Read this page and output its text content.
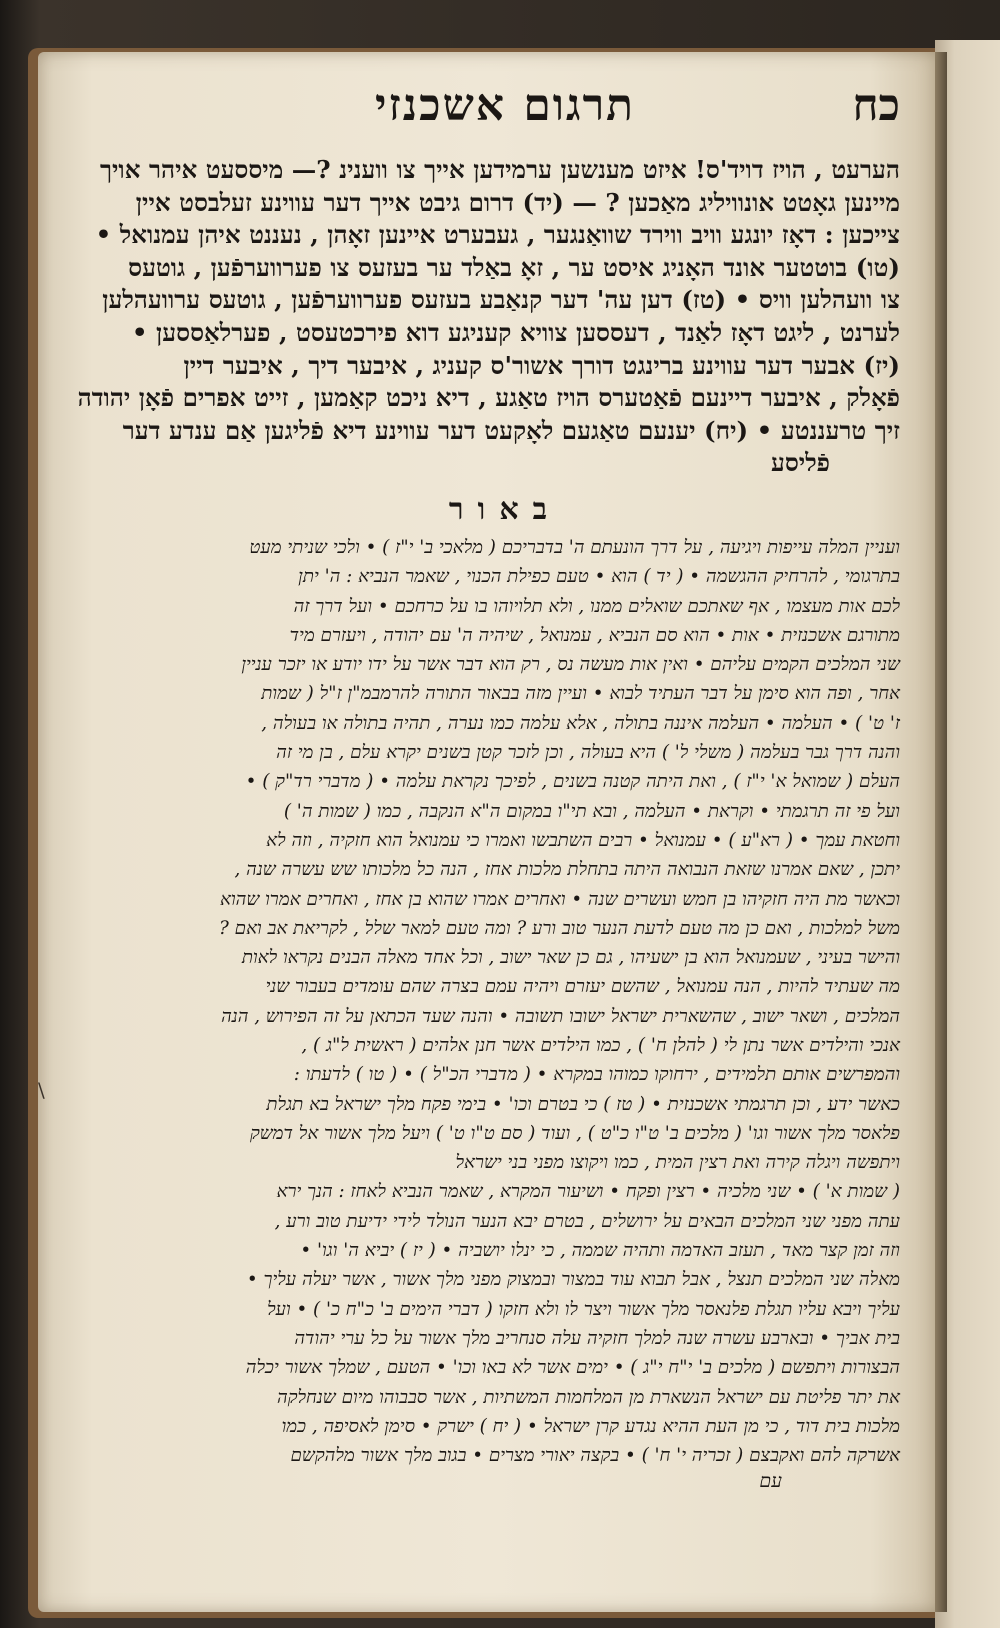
\
כח
תרגום אשכנזי

הערעט , הויז דויד'ס! איזט מענשען ערמידען אייך צו ווענינ ?— מיססעט איהר אויך

מיינען גאָטט אונוויליג מאַכען ? — (יד) דרום גיבט אייך דער עווינע זעלבסט איין

ציי‌כען : דאָז יונגע וויב ווירד שוואַנגער , געבערט איינען זאָהן , נעננט איהן עמנואל •

(טו) בוטטער אונד האָניג איסט ער , זאָ באַלד ער בעזעס צו פערווערפֿען , גוטעס

צו וועהלען וויס • (טז) דען עה' דער קנאַבע בעזעס פערווערפֿען , גוטעס ערוועהלען

לערנט , ליגט דאָז לאַנד , דעססען צוויא קעניגע דוא פירכטעסט , פערלאַססען •

(יז) אבער דער עווינע ברינגט דורך אשור'ס קעניג , איבער דיך , איבער דיין

פֿאָלק , איבער דיינעם פֿאַטערס הויז טאַגע , דיא ניכט קאַמען , זייט אפרים פֿאָן יהודה

זיך טרעננטע • (יח) יענעם טאַגעם לאָקעט דער עווינע דיא פֿליגען אַם ענדע דער

פֿליסע

באור

ועניין המלה עייפות ויגיעה , על דרך הונעתם ה' בדבריכם ( מלאכי ב' י"ז ) • ולכי שניתי מעט

בתרגומי , להרחיק ההגשמה • ( יד ) הוא • טעם כפילת הכנוי , שאמר הנביא : ה' יתן

לכם אות מעצמו , אף שאתכם שואלים ממנו , ולא תלויוהו בו על כרחכם • ועל דרך זה

מתורגם אשכנזית • אות • הוא סם הנביא , עמנואל , שיהיה ה' עם יהודה , ויעזרם מיד

שני המלכים הקמים עליהם • ואין אות מעשה נס , רק הוא דבר אשר על ידו יודע או יזכר עניין

אחר , ופה הוא סימן על דבר העתיד לבוא • ועיין מזה בבאור התורה להרמבמ"ן ז"ל ( שמות

ז' ט' ) • העלמה • העלמה איננה בתולה , אלא עלמה כמו נערה , תהיה בתולה או בעולה ,

והנה דרך גבר בעלמה ( משלי ל' ) היא בעולה , וכן לזכר קטן בשנים יקרא עלם , בן מי זה

העלם ( שמואל א' י"ז ) , ואת היתה קטנה בשנים , לפיכך נקראת עלמה • ( מדברי רד"ק ) •

ועל פי זה תרגמתי • וקראת • העלמה , ובא תי"ו במקום ה"א הנקבה , כמו ( שמות ה' )

וחטאת עמך • ( רא"ע ) • עמנואל • רבים השתבשו ואמרו כי עמנואל הוא חזקיה , וזה לא

יתכן , שאם אמרנו שזאת הנבואה היתה בתחלת מלכות אחז , הנה כל מלכותו שש עשרה שנה ,

וכאשר מת היה חזקיהו בן חמש ועשרים שנה • ואחרים אמרו שהוא בן אחז , ואחרים אמרו שהוא

משל למלכות , ואם כן מה טעם לדעת הנער טוב ורע ? ומה טעם למאר שלל , לקריאת אב ואם ?

והישר בעיני , שעמנואל הוא בן ישעיהו , גם כן שאר ישוב , וכל אחד מאלה הבנים נקראו לאות

מה שעתיד להיות , הנה עמנואל , שהשם יעזרם ויהיה עמם בצרה שהם עומדים בעבור שני

המלכים , ושאר ישוב , שהשארית ישראל ישובו תשובה • והנה שעד הכתאן על זה הפירוש , הנה

אנכי והילדים אשר נתן לי ( להלן ח' ) , כמו הילדים אשר חנן אלהים ( ראשית ל"ג ) ,

והמפרשים אותם תלמידים , ירחוקו כמוהו במקרא • ( מדברי הכ"ל ) • ( טו ) לדעתו :

כאשר ידע , וכן תרגמתי אשכנזית • ( טז ) כי בטרם וכו' • בימי פקח מלך ישראל בא תגלת

פלאסר מלך אשור וגו' ( מלכים ב' ט"ו כ"ט ) , ועוד ( סם ט"ו ט' ) ויעל מלך אשור אל דמשק

ויתפשה ויגלה קירה ואת רצין המית , כמו ויקוצו מפני בני ישראל

( שמות א' ) • שני מלכיה • רצין ופקח • ושיעור המקרא , שאמר הנביא לאחז : הנך ירא

עתה מפני שני המלכים הבאים על ירושלים , בטרם יבא הנער הנולד לידי ידיעת טוב ורע ,

וזה זמן קצר מאד , תעזב האדמה ותהיה שממה , כי ינלו יושביה • ( יז ) יביא ה' וגו' •

מאלה שני המלכים תנצל , אבל תבוא עוד במצור ובמצוק מפני מלך אשור , אשר יעלה עליך •

עליך ויבא עליו תגלת פלנאסר מלך אשור ויצר לו ולא חזקו ( דברי הימים ב' כ"ח כ' ) • ועל

בית אביך • ובארבע עשרה שנה למלך חזקיה עלה סנחריב מלך אשור על כל ערי יהודה

הבצורות ויתפשם ( מלכים ב' י"ח י"ג ) • ימים אשר לא באו וכו' • הטעם , שמלך אשור יכלה

את יתר פליטת עם ישראל הנשארת מן המלחמות המשתיות , אשר סבבוהו מיום שנחלקה

מלכות בית דוד , כי מן העת ההיא נגדע קרן ישראל • ( יח ) ישרק • סימן לאסיפה , כמו

אשרקה להם ואקבצם ( זכריה י' ח' ) • בקצה יאורי מצרים • בגוב מלך אשור מלהקשם

עם
